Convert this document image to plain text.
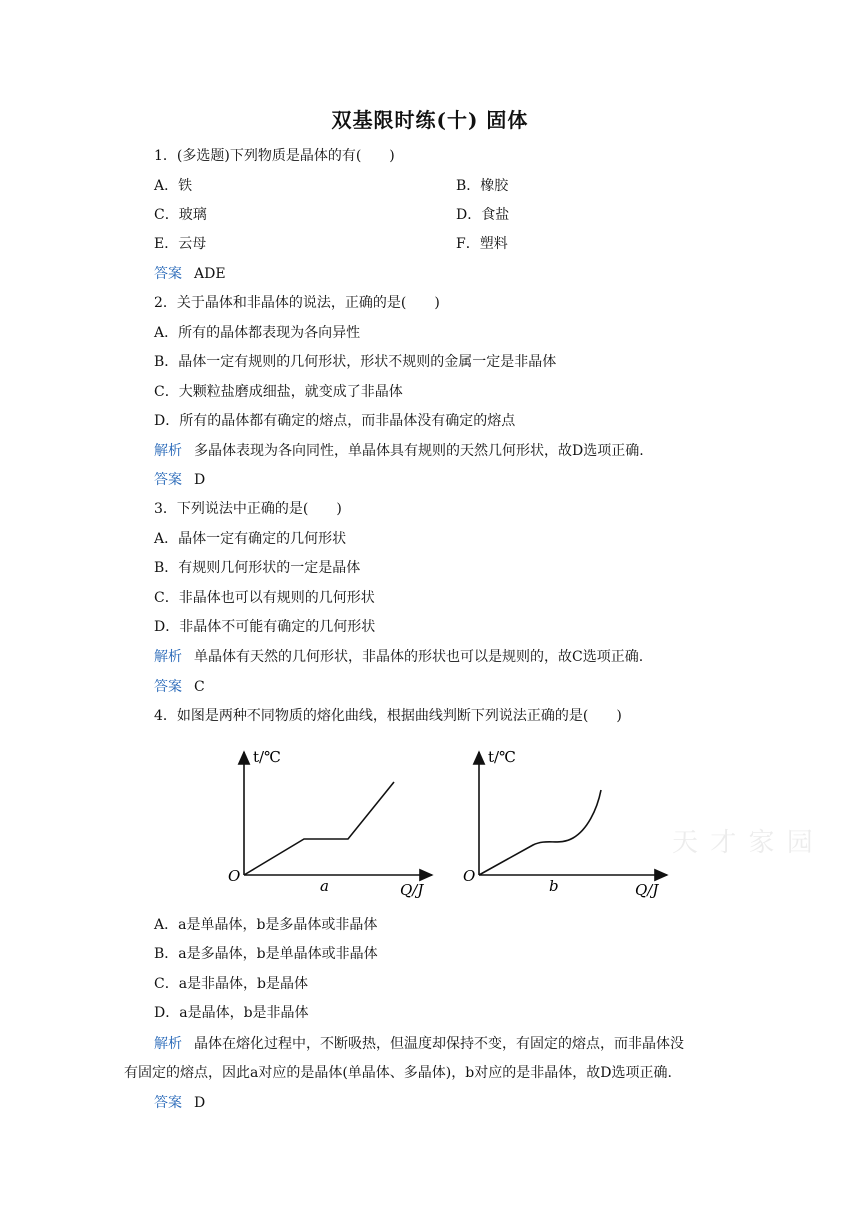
双基限时练(十) 固体
1．(多选题)下列物质是晶体的有(　　)
A．铁	B．橡胶
C．玻璃	D．食盐
E．云母	F．塑料
答案 ADE
2．关于晶体和非晶体的说法，正确的是(　　)
A．所有的晶体都表现为各向异性
B．晶体一定有规则的几何形状，形状不规则的金属一定是非晶体
C．大颗粒盐磨成细盐，就变成了非晶体
D．所有的晶体都有确定的熔点，而非晶体没有确定的熔点
解析 多晶体表现为各向同性，单晶体具有规则的天然几何形状，故D选项正确.
答案 D
3．下列说法中正确的是(　　)
A．晶体一定有确定的几何形状
B．有规则几何形状的一定是晶体
C．非晶体也可以有规则的几何形状
D．非晶体不可能有确定的几何形状
解析 单晶体有天然的几何形状，非晶体的形状也可以是规则的，故C选项正确.
答案 C
4．如图是两种不同物质的熔化曲线，根据曲线判断下列说法正确的是(　　)
t/℃
O
a	Q/J
t/℃
O
b	Q/J
天 才 家 园
A．a是单晶体，b是多晶体或非晶体
B．a是多晶体，b是单晶体或非晶体
C．a是非晶体，b是晶体
D．a是晶体，b是非晶体
解析 晶体在熔化过程中，不断吸热，但温度却保持不变，有固定的熔点，而非晶体没
有固定的熔点，因此a对应的是晶体(单晶体、多晶体)，b对应的是非晶体，故D选项正确.
答案 D
